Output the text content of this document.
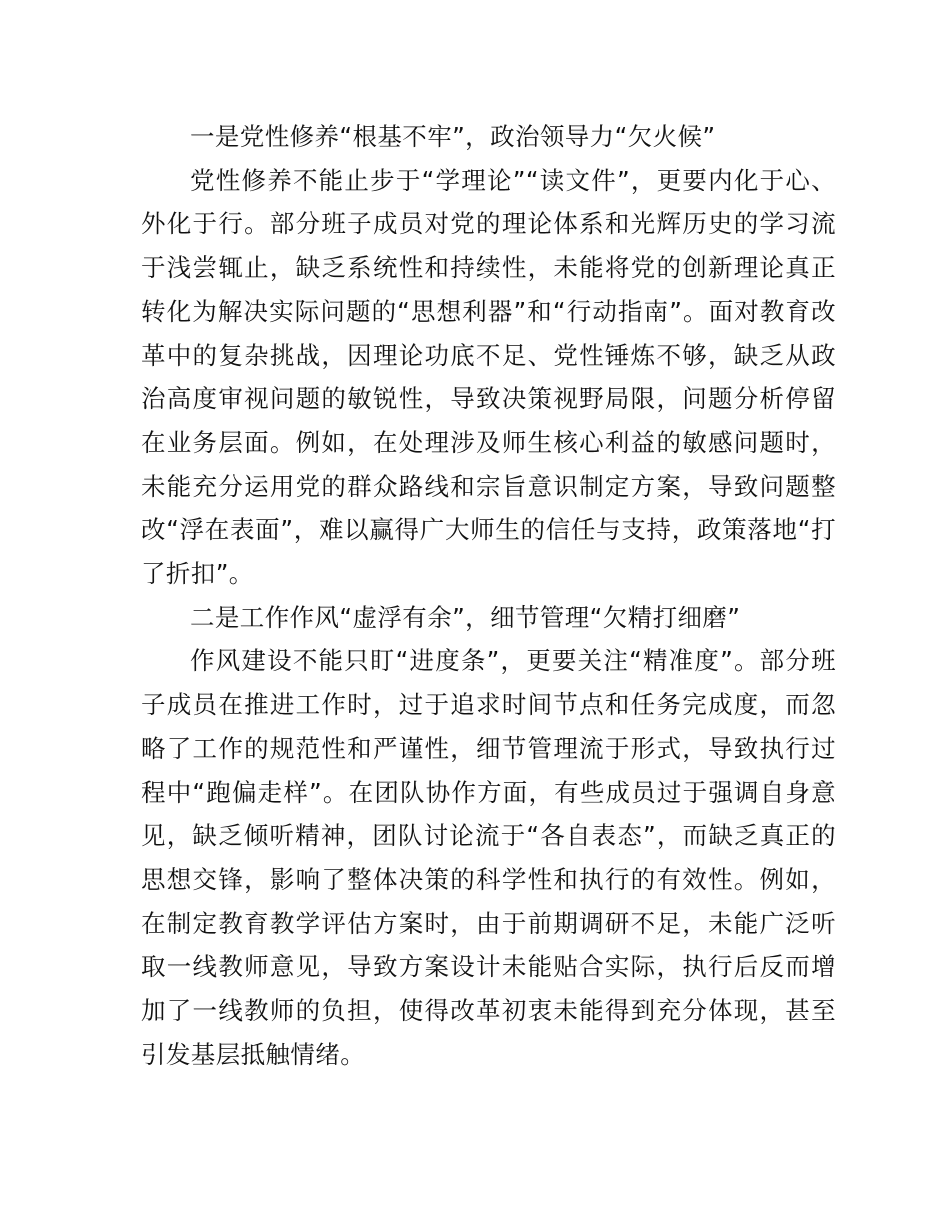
一是党性修养“根基不牢”，政治领导力“欠火候”

党性修养不能止步于“学理论”“读文件”，更要内化于心、外化于行。部分班子成员对党的理论体系和光辉历史的学习流于浅尝辄止，缺乏系统性和持续性，未能将党的创新理论真正转化为解决实际问题的“思想利器”和“行动指南”。面对教育改革中的复杂挑战，因理论功底不足、党性锤炼不够，缺乏从政治高度审视问题的敏锐性，导致决策视野局限，问题分析停留在业务层面。例如，在处理涉及师生核心利益的敏感问题时，未能充分运用党的群众路线和宗旨意识制定方案，导致问题整改“浮在表面”，难以赢得广大师生的信任与支持，政策落地“打了折扣”。

二是工作作风“虚浮有余”，细节管理“欠精打细磨”

作风建设不能只盯“进度条”，更要关注“精准度”。部分班子成员在推进工作时，过于追求时间节点和任务完成度，而忽略了工作的规范性和严谨性，细节管理流于形式，导致执行过程中“跑偏走样”。在团队协作方面，有些成员过于强调自身意见，缺乏倾听精神，团队讨论流于“各自表态”，而缺乏真正的思想交锋，影响了整体决策的科学性和执行的有效性。例如，在制定教育教学评估方案时，由于前期调研不足，未能广泛听取一线教师意见，导致方案设计未能贴合实际，执行后反而增加了一线教师的负担，使得改革初衷未能得到充分体现，甚至引发基层抵触情绪。
